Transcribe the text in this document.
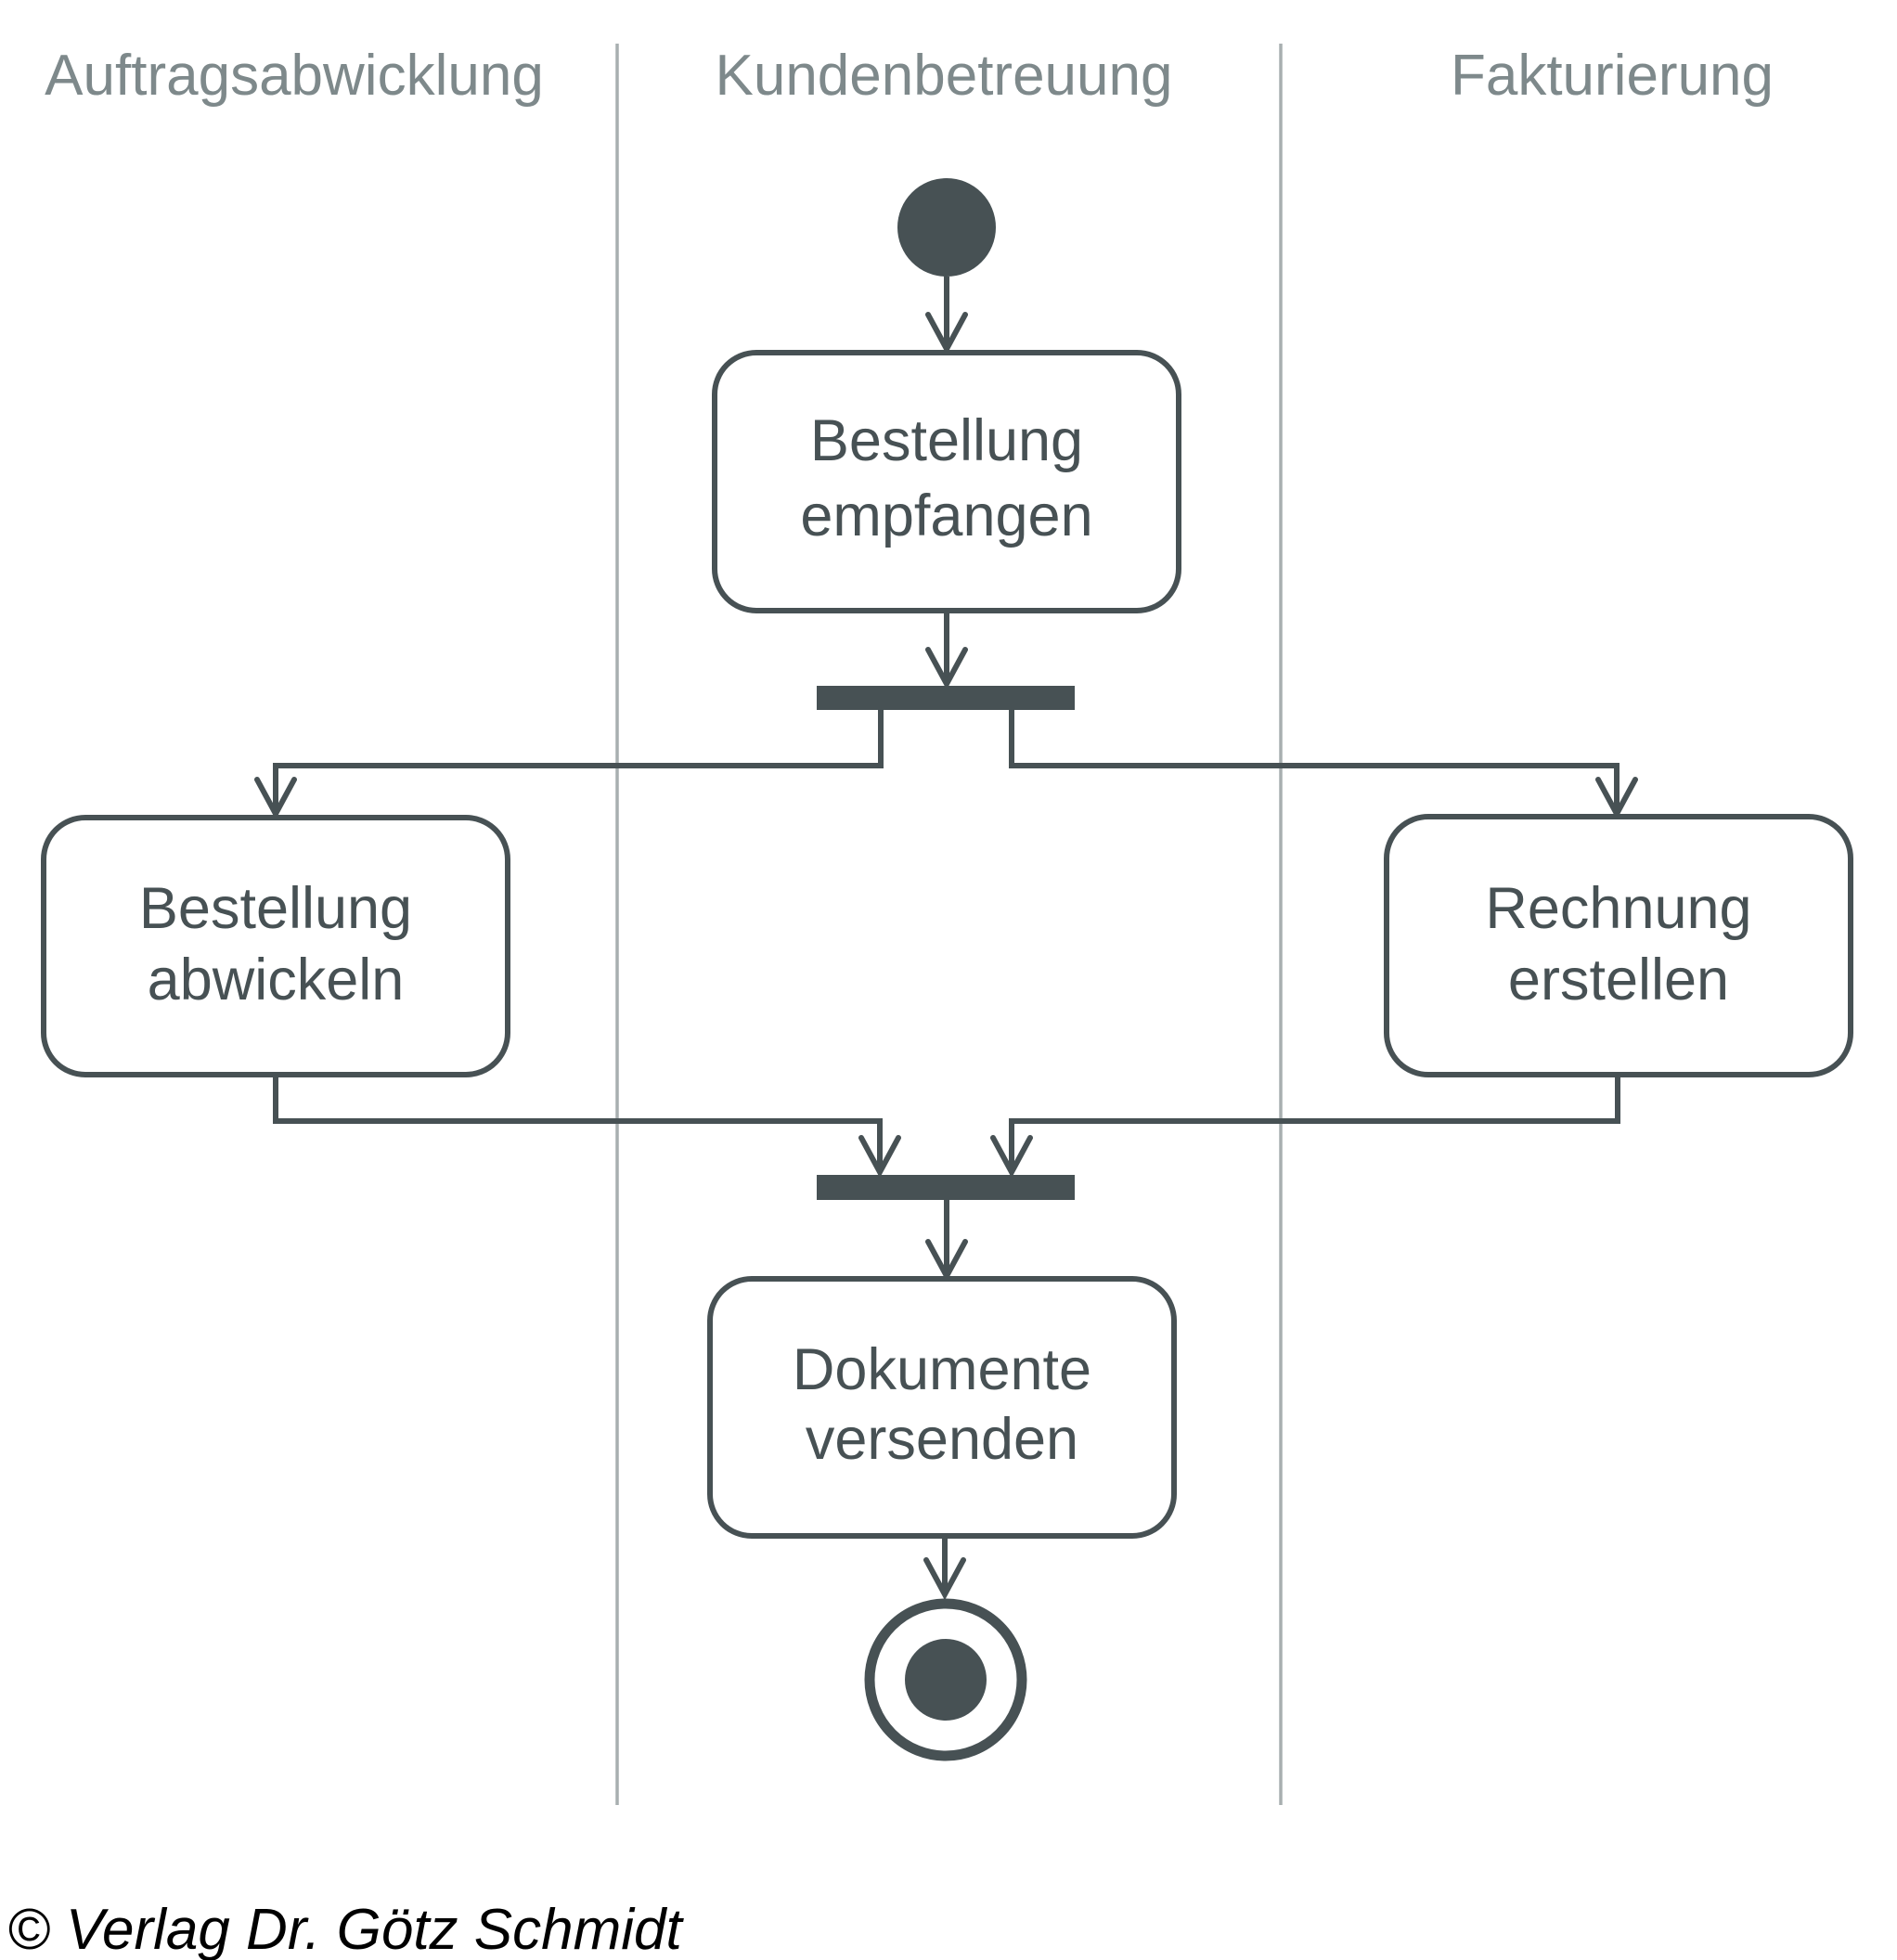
Auftragsabwicklung	Kundenbetreuung	Fakturierung
Bestellung
empfangen
Bestellung
abwickeln
Rechnung
erstellen
Dokumente
versenden
© Verlag Dr. Götz Schmidt
